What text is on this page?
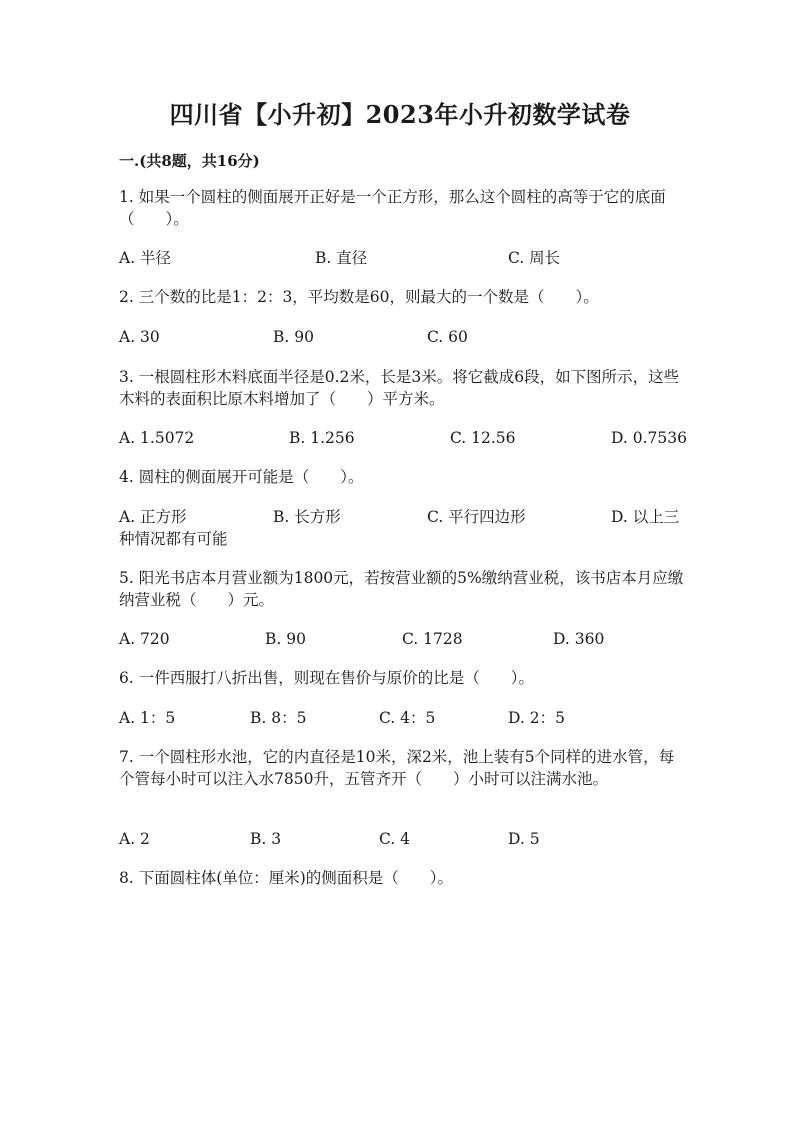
四川省【小升初】2023年小升初数学试卷
一.(共8题，共16分)
1. 如果一个圆柱的侧面展开正好是一个正方形，那么这个圆柱的高等于它的底面（　　）。
A. 半径	B. 直径	C. 周长
2. 三个数的比是1：2：3，平均数是60，则最大的一个数是（　　）。
A. 30	B. 90	C. 60
3. 一根圆柱形木料底面半径是0.2米，长是3米。将它截成6段，如下图所示，这些木料的表面积比原木料增加了（　　）平方米。
A. 1.5072	B. 1.256	C. 12.56	D. 0.7536
4. 圆柱的侧面展开可能是（　　）。
A. 正方形	B. 长方形	C. 平行四边形	D. 以上三
种情况都有可能
5. 阳光书店本月营业额为1800元，若按营业额的5%缴纳营业税，该书店本月应缴纳营业税（　　）元。
A. 720	B. 90	C. 1728	D. 360
6. 一件西服打八折出售，则现在售价与原价的比是（　　）。
A. 1：5	B. 8：5	C. 4：5	D. 2：5
7. 一个圆柱形水池，它的内直径是10米，深2米，池上装有5个同样的进水管，每个管每小时可以注入水7850升，五管齐开（　　）小时可以注满水池。
A. 2	B. 3	C. 4	D. 5
8. 下面圆柱体(单位：厘米)的侧面积是（　　）。
